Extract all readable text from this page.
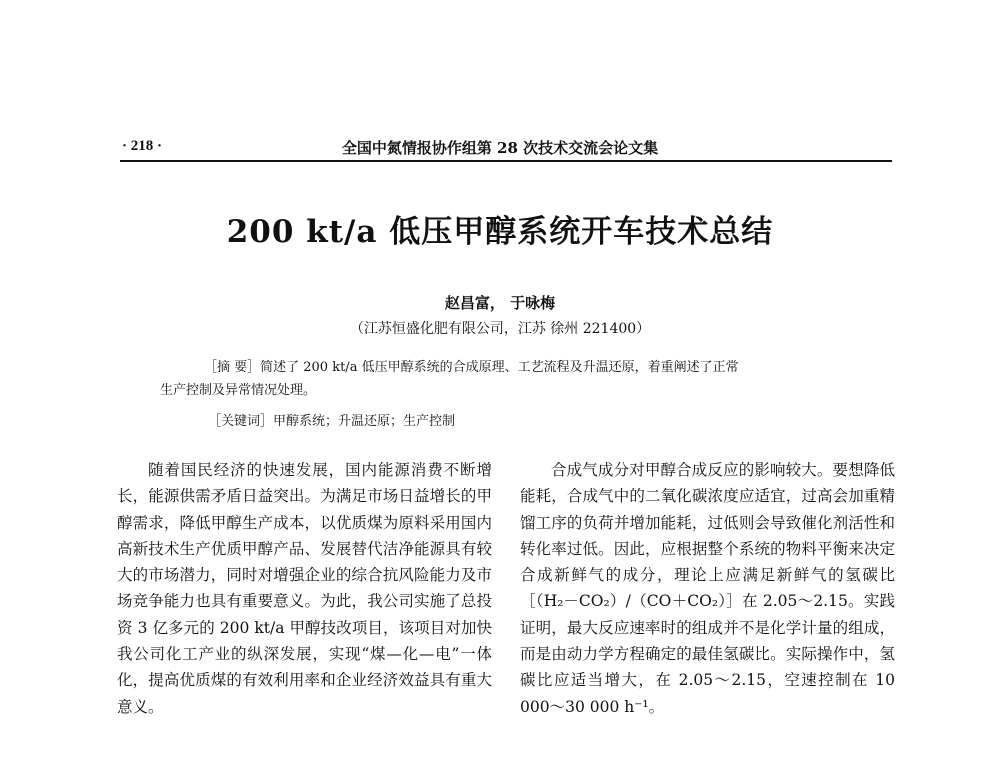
· 218 ·	全国中氮情报协作组第 28 次技术交流会论文集
200 kt/a 低压甲醇系统开车技术总结
赵昌富， 于咏梅
（江苏恒盛化肥有限公司，江苏 徐州 221400）
［摘 要］简述了 200 kt/a 低压甲醇系统的合成原理、工艺流程及升温还原，着重阐述了正常
生产控制及异常情况处理。
［关键词］甲醇系统；升温还原；生产控制

随着国民经济的快速发展，国内能源消费不断增长，能源供需矛盾日益突出。为满足市场日益增长的甲醇需求，降低甲醇生产成本，以优质煤为原料采用国内高新技术生产优质甲醇产品、发展替代洁净能源具有较大的市场潜力，同时对增强企业的综合抗风险能力及市场竞争能力也具有重要意义。为此，我公司实施了总投资 3 亿多元的 200 kt/a 甲醇技改项目，该项目对加快我公司化工产业的纵深发展，实现“煤—化—电”一体化，提高优质煤的有效利用率和企业经济效益具有重大意义。

合成气成分对甲醇合成反应的影响较大。要想降低能耗，合成气中的二氧化碳浓度应适宜，过高会加重精馏工序的负荷并增加能耗，过低则会导致催化剂活性和转化率过低。因此，应根据整个系统的物料平衡来决定合成新鲜气的成分，理论上应满足新鲜气的氢碳比［（H₂－CO₂）/（CO＋CO₂）］在 2.05～2.15。实践证明，最大反应速率时的组成并不是化学计量的组成，而是由动力学方程确定的最佳氢碳比。实际操作中，氢碳比应适当增大，在 2.05～2.15，空速控制在 10 000～30 000 h⁻¹。
